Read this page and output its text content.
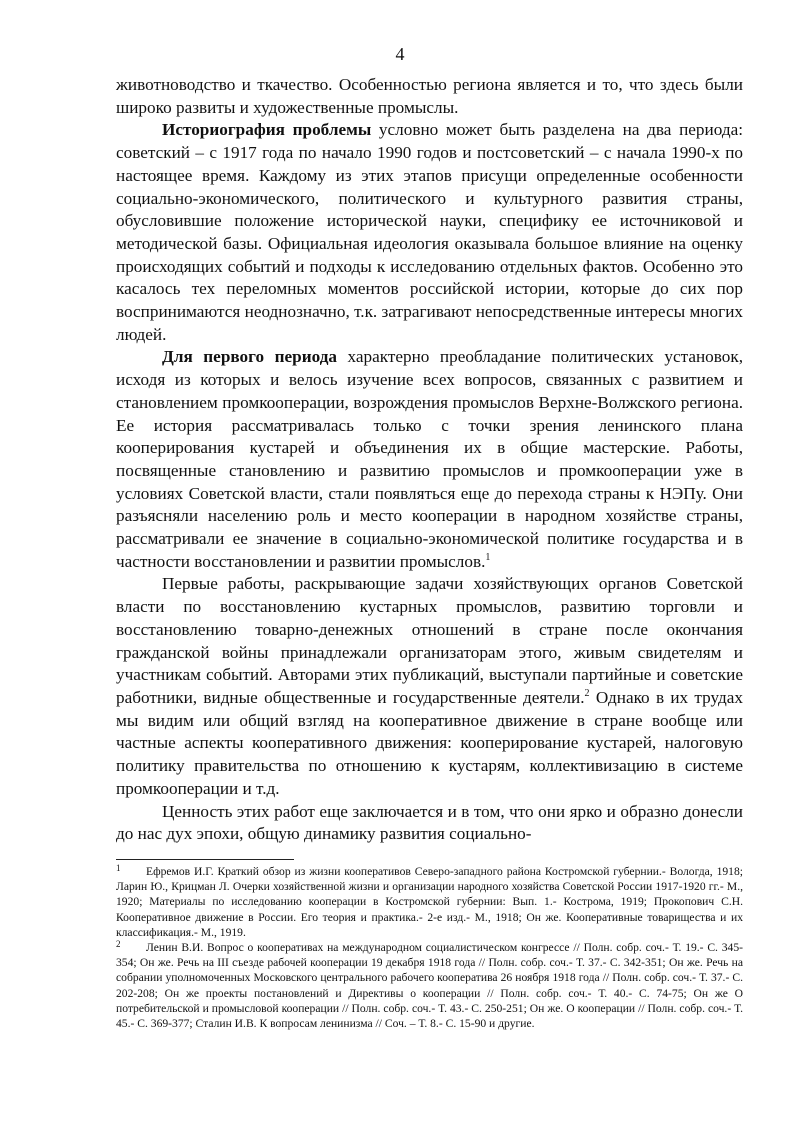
4

животноводство и ткачество. Особенностью региона является и то, что здесь были широко развиты и художественные промыслы.

Историография проблемы условно может быть разделена на два периода: советский – с 1917 года по начало 1990 годов и постсоветский – с начала 1990-х по настоящее время. Каждому из этих этапов присущи определенные особенности социально-экономического, политического и культурного развития страны, обусловившие положение исторической науки, специфику ее источниковой и методической базы. Официальная идеология оказывала большое влияние на оценку происходящих событий и подходы к исследованию отдельных фактов. Особенно это касалось тех переломных моментов российской истории, которые до сих пор воспринимаются неоднозначно, т.к. затрагивают непосредственные интересы многих людей.

Для первого периода характерно преобладание политических установок, исходя из которых и велось изучение всех вопросов, связанных с развитием и становлением промкооперации, возрождения промыслов Верхне-Волжского региона. Ее история рассматривалась только с точки зрения ленинского плана кооперирования кустарей и объединения их в общие мастерские. Работы, посвященные становлению и развитию промыслов и промкооперации уже в условиях Советской власти, стали появляться еще до перехода страны к НЭПу. Они разъясняли населению роль и место кооперации в народном хозяйстве страны, рассматривали ее значение в социально-экономической политике государства и в частности восстановлении и развитии промыслов.$^1$

Первые работы, раскрывающие задачи хозяйствующих органов Советской власти по восстановлению кустарных промыслов, развитию торговли и восстановлению товарно-денежных отношений в стране после окончания гражданской войны принадлежали организаторам этого, живым свидетелям и участникам событий. Авторами этих публикаций, выступали партийные и советские работники, видные общественные и государственные деятели.$^2$ Однако в их трудах мы видим или общий взгляд на кооперативное движение в стране вообще или частные аспекты кооперативного движения: кооперирование кустарей, налоговую политику правительства по отношению к кустарям, коллективизацию в системе промкооперации и т.д.

Ценность этих работ еще заключается и в том, что они ярко и образно донесли до нас дух эпохи, общую динамику развития социально-

1 Ефремов И.Г. Краткий обзор из жизни кооперативов Северо-западного района Костромской губернии.- Вологда, 1918; Ларин Ю., Крицман Л. Очерки хозяйственной жизни и организации народного хозяйства Советской России 1917-1920 гг.- М., 1920; Материалы по исследованию кооперации в Костромской губернии: Вып. 1.- Кострома, 1919; Прокопович С.Н. Кооперативное движение в России. Его теория и практика.- 2-е изд.- М., 1918; Он же. Кооперативные товарищества и их классификация.- М., 1919.

2 Ленин В.И. Вопрос о кооперативах на международном социалистическом конгрессе // Полн. собр. соч.- Т. 19.- С. 345-354; Он же. Речь на III съезде рабочей кооперации 19 декабря 1918 года // Полн. собр. соч.- Т. 37.- С. 342-351; Он же. Речь на собрании уполномоченных Московского центрального рабочего кооператива 26 ноября 1918 года // Полн. собр. соч.- Т. 37.- С. 202-208; Он же проекты постановлений и Директивы о кооперации // Полн. собр. соч.- Т. 40.- С. 74-75; Он же О потребительской и промысловой кооперации // Полн. собр. соч.- Т. 43.- С. 250-251; Он же. О кооперации // Полн. собр. соч.- Т. 45.- С. 369-377; Сталин И.В. К вопросам ленинизма // Соч. – Т. 8.- С. 15-90 и другие.
